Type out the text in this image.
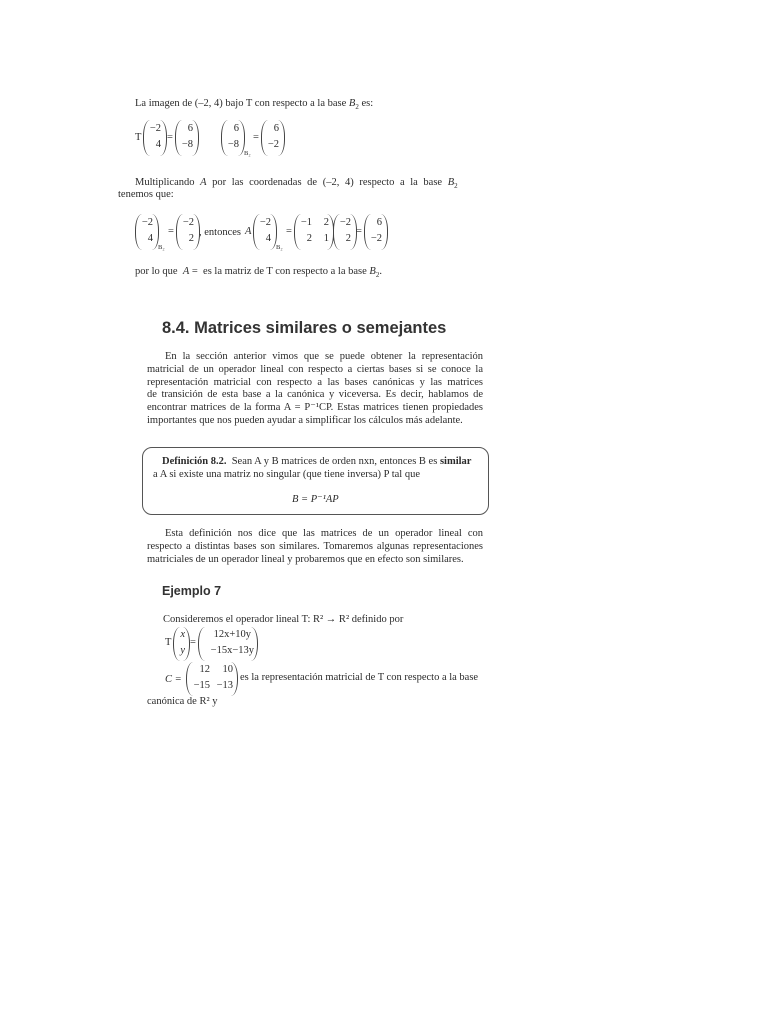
La imagen de (–2, 4) bajo T con respecto a la base $B_2$ es:
T
−2
4
=
6
−8
6
−8
B₂
=
6
−2
Multiplicando A por las coordenadas de (–2, 4) respecto a la base $B_2$
tenemos que:
−2
4
B₂
=
−2
2
, entonces A
−2
4
B₂
=
−1	2
2	1
−2
2
=
6
−2
por lo que A = es la matriz de T con respecto a la base $B_2$.
8.4. Matrices similares o semejantes
En la sección anterior vimos que se puede obtener la representación
matricial de un operador lineal con respecto a ciertas bases si se conoce la
representación matricial con respecto a las bases canónicas y las matrices
de transición de esta base a la canónica y viceversa. Es decir, hablamos de
encontrar matrices de la forma A = P⁻¹CP. Estas matrices tienen propiedades
importantes que nos pueden ayudar a simplificar los cálculos más adelante.
Definición 8.2. Sean A y B matrices de orden nxn, entonces B es similar
a A si existe una matriz no singular (que tiene inversa) P tal que
B = P⁻¹AP
Esta definición nos dice que las matrices de un operador lineal con
respecto a distintas bases son similares. Tomaremos algunas representaciones
matriciales de un operador lineal y probaremos que en efecto son similares.
Ejemplo 7
Consideremos el operador lineal T: R² → R² definido por
T
x
y
=
12x+10y
−15x−13y
C =
12	10
−15 −13
es la representación matricial de T con respecto a la base
canónica de R² y
